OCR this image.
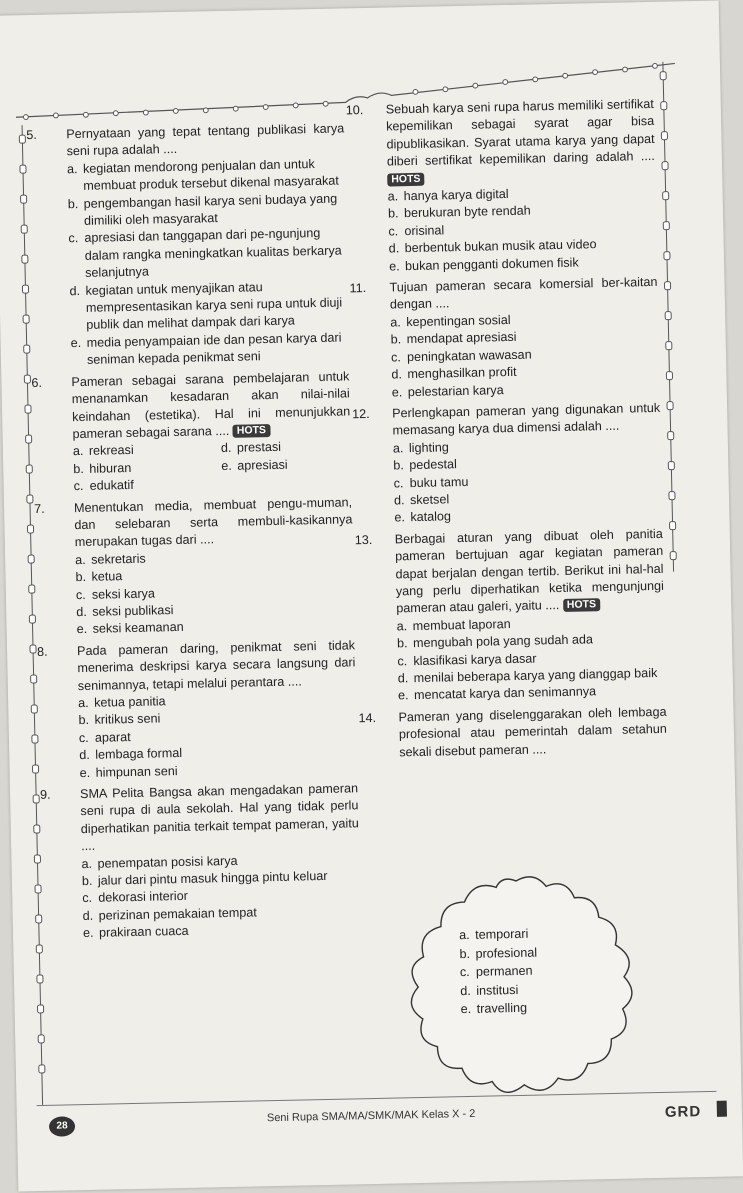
5.	Pernyataan yang tepat tentang publikasi karya seni rupa adalah ....
a. kegiatan mendorong penjualan dan untuk membuat produk tersebut dikenal masyarakat
b. pengembangan hasil karya seni budaya yang dimiliki oleh masyarakat
c. apresiasi dan tanggapan dari pe-ngunjung dalam rangka meningkatkan kualitas berkarya selanjutnya
d. kegiatan untuk menyajikan atau mempresentasikan karya seni rupa untuk diuji publik dan melihat dampak dari karya
e. media penyampaian ide dan pesan karya dari seniman kepada penikmat seni
6.	Pameran sebagai sarana pembelajaran untuk menanamkan kesadaran akan nilai-nilai keindahan (estetika). Hal ini menunjukkan pameran sebagai sarana .... HOTS
a. rekreasi	d. prestasi
b. hiburan	e. apresiasi
c. edukatif
7.	Menentukan media, membuat pengu-muman, dan selebaran serta membuli-kasikannya merupakan tugas dari ....
a. sekretaris
b. ketua
c. seksi karya
d. seksi publikasi
e. seksi keamanan
8.	Pada pameran daring, penikmat seni tidak menerima deskripsi karya secara langsung dari senimannya, tetapi melalui perantara ....
a. ketua panitia
b. kritikus seni
c. aparat
d. lembaga formal
e. himpunan seni
9.	SMA Pelita Bangsa akan mengadakan pameran seni rupa di aula sekolah. Hal yang tidak perlu diperhatikan panitia terkait tempat pameran, yaitu ....
a. penempatan posisi karya
b. jalur dari pintu masuk hingga pintu keluar
c. dekorasi interior
d. perizinan pemakaian tempat
e. prakiraan cuaca
10.	Sebuah karya seni rupa harus memiliki sertifikat kepemilikan sebagai syarat agar bisa dipublikasikan. Syarat utama karya yang dapat diberi sertifikat kepemilikan daring adalah .... HOTS
a. hanya karya digital
b. berukuran byte rendah
c. orisinal
d. berbentuk bukan musik atau video
e. bukan pengganti dokumen fisik
11.	Tujuan pameran secara komersial ber-kaitan dengan ....
a. kepentingan sosial
b. mendapat apresiasi
c. peningkatan wawasan
d. menghasilkan profit
e. pelestarian karya
12.	Perlengkapan pameran yang digunakan untuk memasang karya dua dimensi adalah ....
a. lighting
b. pedestal
c. buku tamu
d. sketsel
e. katalog
13.	Berbagai aturan yang dibuat oleh panitia pameran bertujuan agar kegiatan pameran dapat berjalan dengan tertib. Berikut ini hal-hal yang perlu diperhatikan ketika mengunjungi pameran atau galeri, yaitu .... HOTS
a. membuat laporan
b. mengubah pola yang sudah ada
c. klasifikasi karya dasar
d. menilai beberapa karya yang dianggap baik
e. mencatat karya dan senimannya
14.	Pameran yang diselenggarakan oleh lembaga profesional atau pemerintah dalam setahun sekali disebut pameran ....
a. temporari
b. profesional
c. permanen
d. institusi
e. travelling
28
Seni Rupa SMA/MA/SMK/MAK Kelas X - 2	GRD
